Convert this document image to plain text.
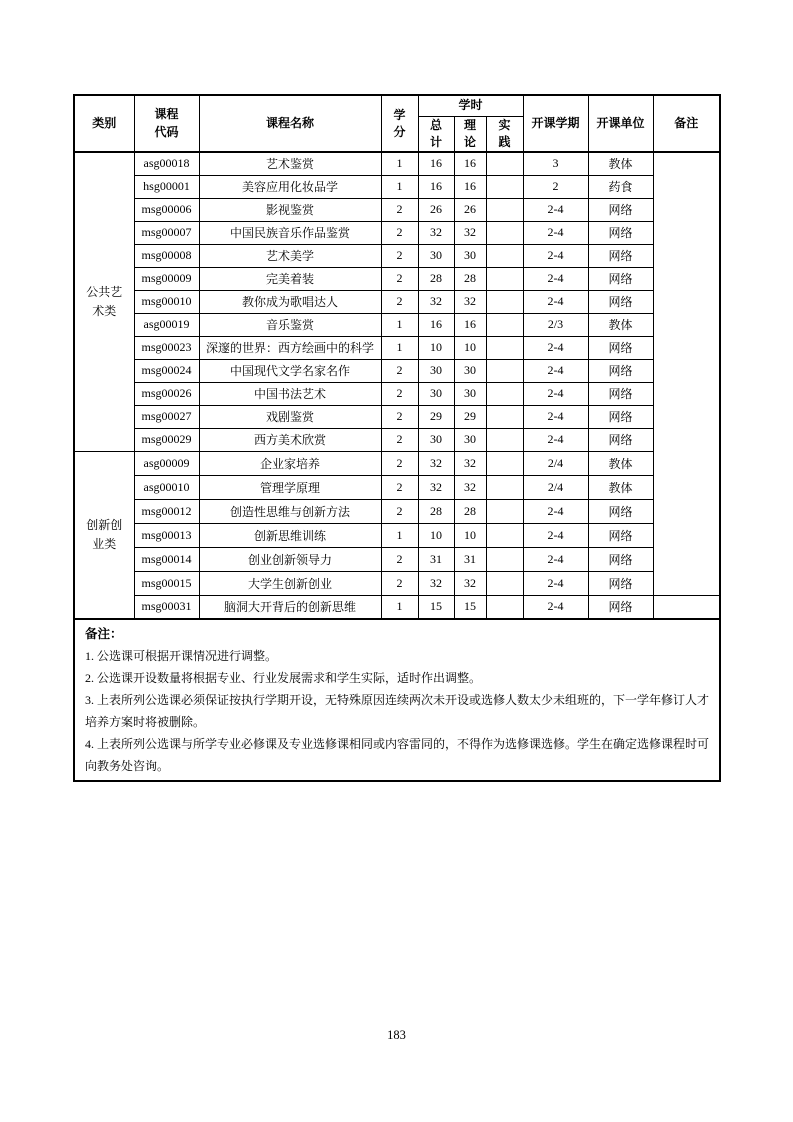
类别	课程代码	课程名称	学分	学时			开课学期	开课单位	备注
				总计	理论	实践			
公共艺术类	asg00018	艺术鉴赏	1	16	16		3	教体	
	hsg00001	美容应用化妆品学	1	16	16		2	药食	
	msg00006	影视鉴赏	2	26	26		2-4	网络	
	msg00007	中国民族音乐作品鉴赏	2	32	32		2-4	网络	
	msg00008	艺术美学	2	30	30		2-4	网络	
	msg00009	完美着装	2	28	28		2-4	网络	
	msg00010	教你成为歌唱达人	2	32	32		2-4	网络	
	asg00019	音乐鉴赏	1	16	16		2/3	教体	
	msg00023	深邃的世界：西方绘画中的科学	1	10	10		2-4	网络	
	msg00024	中国现代文学名家名作	2	30	30		2-4	网络	
	msg00026	中国书法艺术	2	30	30		2-4	网络	
	msg00027	戏剧鉴赏	2	29	29		2-4	网络	
	msg00029	西方美术欣赏	2	30	30		2-4	网络	
创新创业类	asg00009	企业家培养	2	32	32		2/4	教体	
	asg00010	管理学原理	2	32	32		2/4	教体	
	msg00012	创造性思维与创新方法	2	28	28		2-4	网络	
	msg00013	创新思维训练	1	10	10		2-4	网络	
	msg00014	创业创新领导力	2	31	31		2-4	网络	
	msg00015	大学生创新创业	2	32	32		2-4	网络	
	msg00031	脑洞大开背后的创新思维	1	15	15		2-4	网络	

备注：
1. 公选课可根据开课情况进行调整。
2. 公选课开设数量将根据专业、行业发展需求和学生实际，适时作出调整。
3. 上表所列公选课必须保证按执行学期开设，无特殊原因连续两次未开设或选修人数太少未组班的，下一学年修订人才培养方案时将被删除。
4. 上表所列公选课与所学专业必修课及专业选修课相同或内容雷同的，不得作为选修课选修。学生在确定选修课程时可向教务处咨询。									
183
